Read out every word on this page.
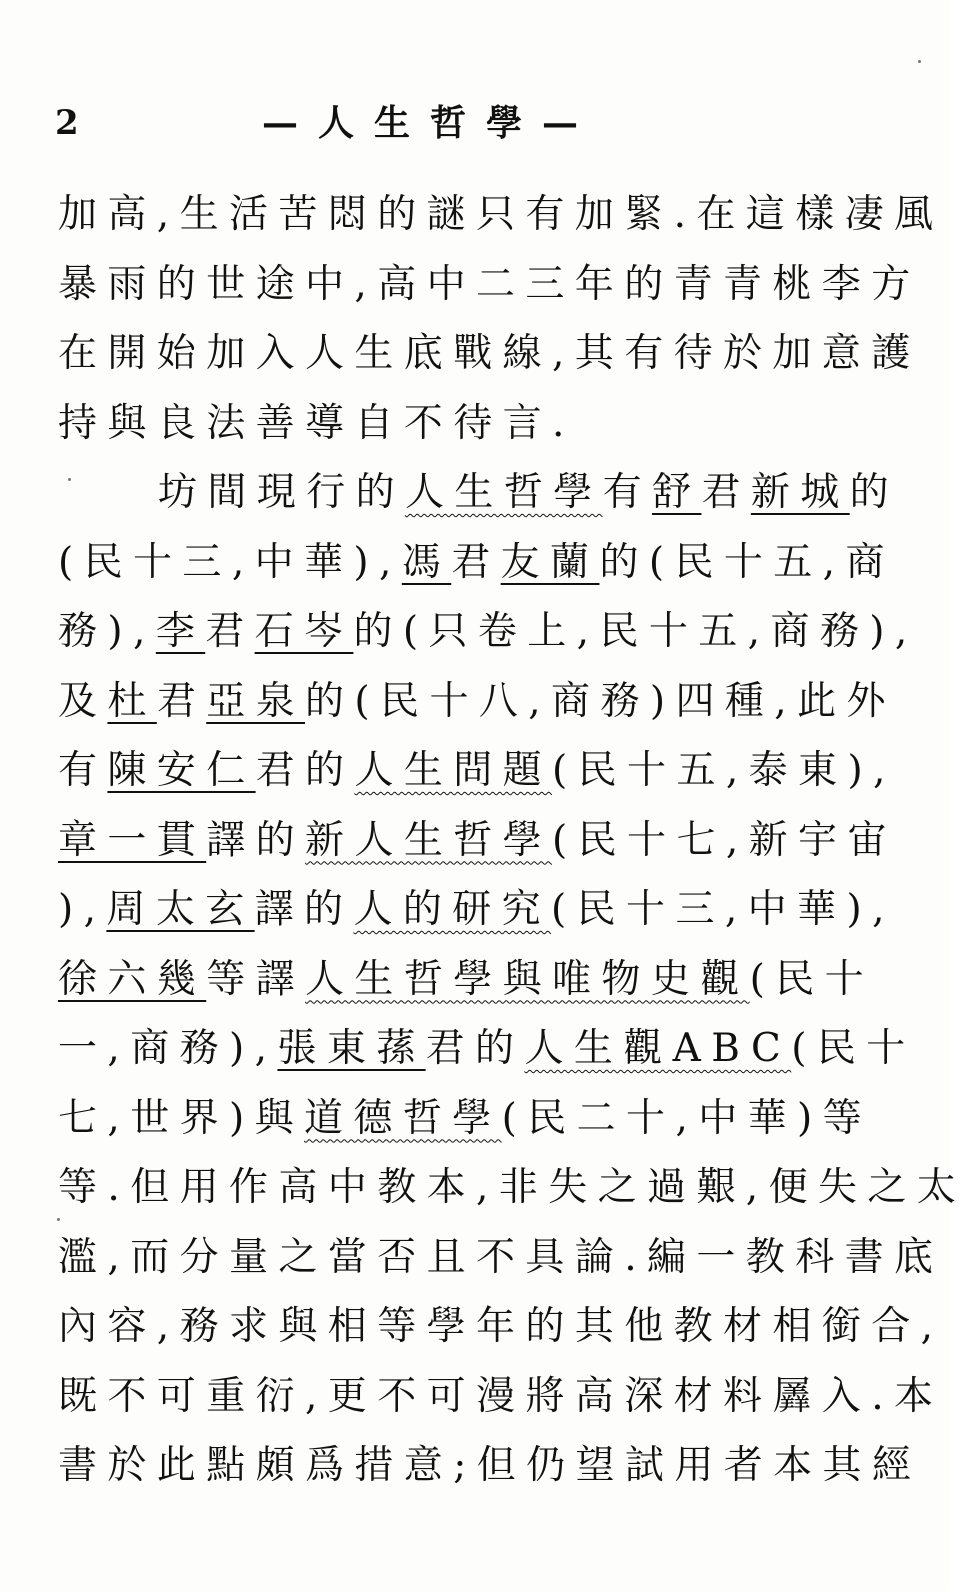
2	—人生哲學—
加高,生活苦悶的謎只有加緊.在這樣凄風
暴雨的世途中,高中二三年的青青桃李方
在開始加入人生底戰線,其有待於加意護
持與良法善導自不待言.
坊間現行的人生哲學有舒君新城的
(民十三,中華),馮君友蘭的(民十五,商
務),李君石岑的(只卷上,民十五,商務),
及杜君亞泉的(民十八,商務)四種,此外
有陳安仁君的人生問題(民十五,泰東),
章一貫譯的新人生哲學(民十七,新宇宙
),周太玄譯的人的研究(民十三,中華),
徐六幾等譯人生哲學與唯物史觀(民十
一,商務),張東蓀君的人生觀ABC(民十
七,世界)與道德哲學(民二十,中華)等
等.但用作高中教本,非失之過艱,便失之太
濫,而分量之當否且不具論.編一教科書底
內容,務求與相等學年的其他教材相銜合,
既不可重衍,更不可漫將高深材料羼入.本
書於此點頗爲措意;但仍望試用者本其經
